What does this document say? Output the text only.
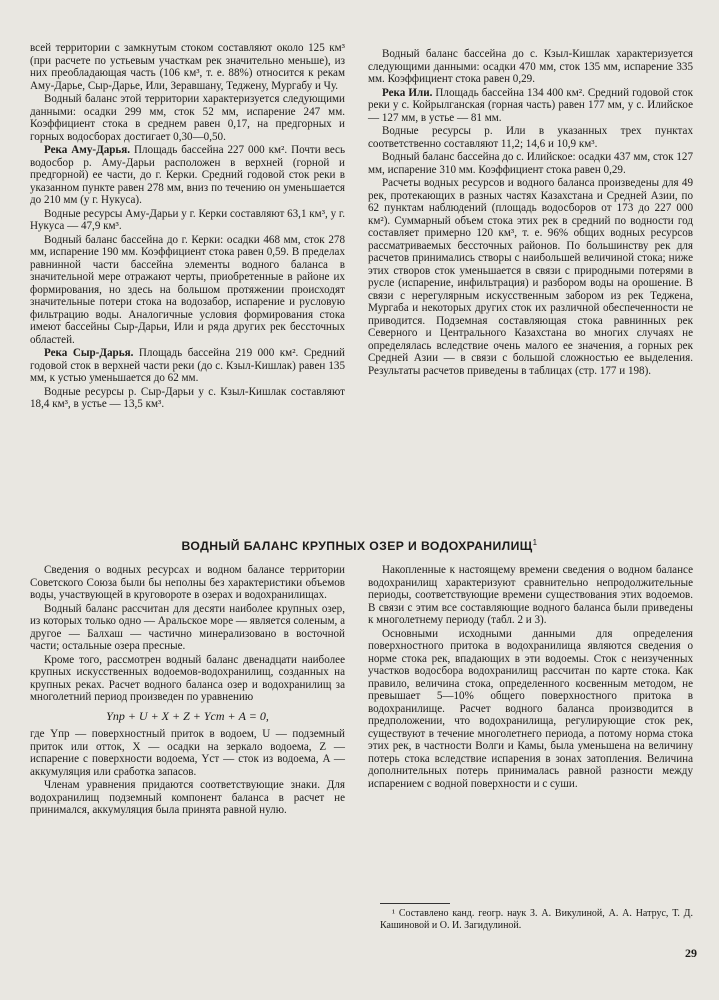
всей территории с замкнутым стоком составляют около 125 км³ (при расчете по устьевым участкам рек значительно меньше), из них преобладающая часть (106 км³, т. е. 88%) относится к рекам Аму-Дарье, Сыр-Дарье, Или, Зеравшану, Теджену, Мургабу и Чу.

Водный баланс этой территории характеризуется следующими данными: осадки 299 мм, сток 52 мм, испарение 247 мм. Коэффициент стока в среднем равен 0,17, на предгорных и горных водосборах достигает 0,30—0,50.

Река Аму-Дарья. Площадь бассейна 227 000 км². Почти весь водосбор р. Аму-Дарьи расположен в верхней (горной и предгорной) ее части, до г. Керки. Средний годовой сток реки в указанном пункте равен 278 мм, вниз по течению он уменьшается до 210 мм (у г. Нукуса).

Водные ресурсы Аму-Дарьи у г. Керки составляют 63,1 км³, у г. Нукуса — 47,9 км³.

Водный баланс бассейна до г. Керки: осадки 468 мм, сток 278 мм, испарение 190 мм. Коэффициент стока равен 0,59. В пределах равнинной части бассейна элементы водного баланса в значительной мере отражают черты, приобретенные в районе их формирования, но здесь на большом протяжении происходят значительные потери стока на водозабор, испарение и русловую фильтрацию воды. Аналогичные условия формирования стока имеют бассейны Сыр-Дарьи, Или и ряда других рек бессточных областей.

Река Сыр-Дарья. Площадь бассейна 219 000 км². Средний годовой сток в верхней части реки (до с. Кзыл-Кишлак) равен 135 мм, к устью уменьшается до 62 мм.

Водные ресурсы р. Сыр-Дарьи у с. Кзыл-Кишлак составляют 18,4 км³, в устье — 13,5 км³.

Водный баланс бассейна до с. Кзыл-Кишлак характеризуется следующими данными: осадки 470 мм, сток 135 мм, испарение 335 мм. Коэффициент стока равен 0,29.

Река Или. Площадь бассейна 134 400 км². Средний годовой сток реки у с. Койрылганская (горная часть) равен 177 мм, у с. Илийское — 127 мм, в устье — 81 мм.

Водные ресурсы р. Или в указанных трех пунктах соответственно составляют 11,2; 14,6 и 10,9 км³.

Водный баланс бассейна до с. Илийское: осадки 437 мм, сток 127 мм, испарение 310 мм. Коэффициент стока равен 0,29.

Расчеты водных ресурсов и водного баланса произведены для 49 рек, протекающих в разных частях Казахстана и Средней Азии, по 62 пунктам наблюдений (площадь водосборов от 173 до 227 000 км²). Суммарный объем стока этих рек в средний по водности год составляет примерно 120 км³, т. е. 96% общих водных ресурсов рассматриваемых бессточных районов. По большинству рек для расчетов принимались створы с наибольшей величиной стока; ниже этих створов сток уменьшается в связи с природными потерями в русле (испарение, инфильтрация) и разбором воды на орошение. В связи с нерегулярным искусственным забором из рек Теджена, Мургаба и некоторых других сток их различной обеспеченности не приводится. Подземная составляющая стока равнинных рек Северного и Центрального Казахстана во многих случаях не определялась вследствие очень малого ее значения, а горных рек Средней Азии — в связи с большой сложностью ее выделения. Результаты расчетов приведены в таблицах (стр. 177 и 198).

ВОДНЫЙ БАЛАНС КРУПНЫХ ОЗЕР И ВОДОХРАНИЛИЩ$^1$

Сведения о водных ресурсах и водном балансе территории Советского Союза были бы неполны без характеристики объемов воды, участвующей в круговороте в озерах и водохранилищах.

Водный баланс рассчитан для десяти наиболее крупных озер, из которых только одно — Аральское море — является соленым, а другое — Балхаш — частично минерализовано в восточной части; остальные озера пресные.

Кроме того, рассмотрен водный баланс двенадцати наиболее крупных искусственных водоемов-водохранилищ, созданных на крупных реках. Расчет водного баланса озер и водохранилищ за многолетний период произведен по уравнению

Yпр + U + X + Z + Yст + A = 0,

где Yпр — поверхностный приток в водоем, U — подземный приток или отток, X — осадки на зеркало водоема, Z — испарение с поверхности водоема, Yст — сток из водоема, A — аккумуляция или сработка запасов.

Членам уравнения придаются соответствующие знаки. Для водохранилищ подземный компонент баланса в расчет не принимался, аккумуляция была принята равной нулю.

Накопленные к настоящему времени сведения о водном балансе водохранилищ характеризуют сравнительно непродолжительные периоды, соответствующие времени существования этих водоемов. В связи с этим все составляющие водного баланса были приведены к многолетнему периоду (табл. 2 и 3).

Основными исходными данными для определения поверхностного притока в водохранилища являются сведения о норме стока рек, впадающих в эти водоемы. Сток с неизученных участков водосбора водохранилищ рассчитан по карте стока. Как правило, величина стока, определенного косвенным методом, не превышает 5—10% общего поверхностного притока в водохранилище. Расчет водного баланса производится в предположении, что водохранилища, регулирующие сток рек, существуют в течение многолетнего периода, а потому норма стока этих рек, в частности Волги и Камы, была уменьшена на величину потерь стока вследствие испарения в зонах затопления. Величина дополнительных потерь принималась равной разности между испарением с водной поверхности и с суши.

¹ Составлено канд. геогр. наук З. А. Викулиной, А. А. Натрус, Т. Д. Кашиновой и О. И. Загидулиной.
29
